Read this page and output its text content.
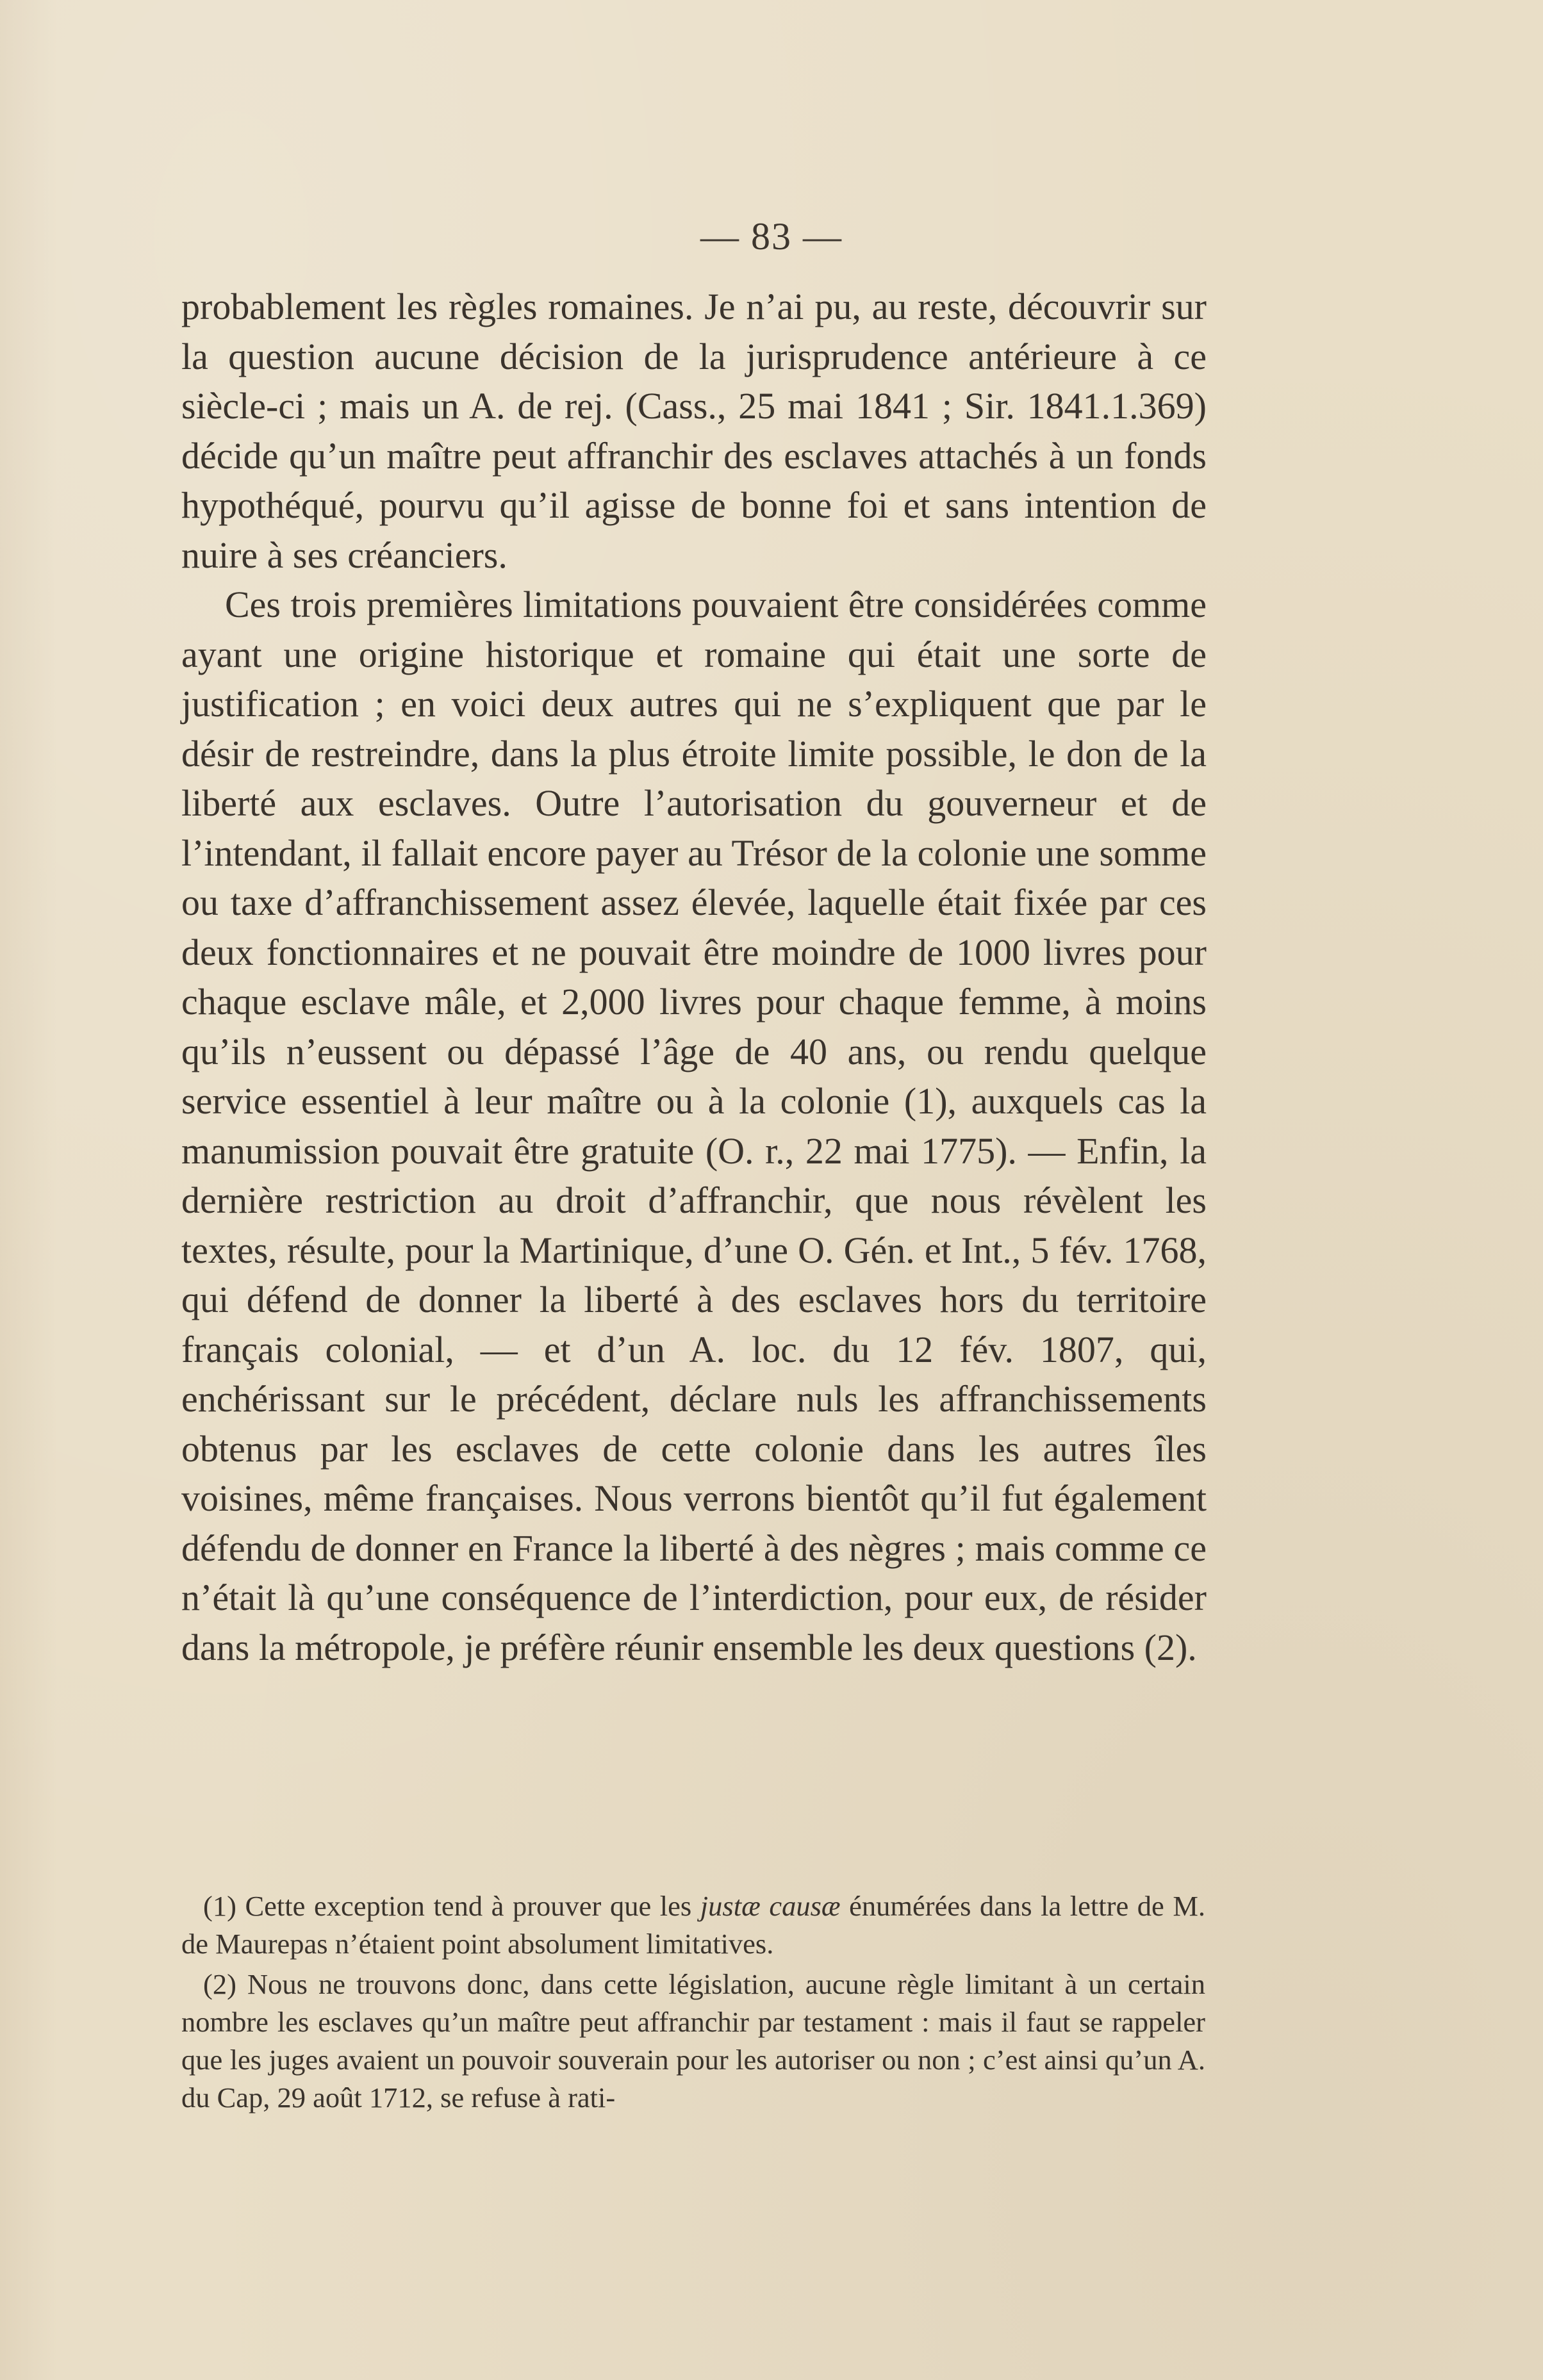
— 83 —

probablement les règles romaines. Je n’ai pu, au reste, découvrir sur la question aucune décision de la jurisprudence antérieure à ce siècle-ci ; mais un A. de rej. (Cass., 25 mai 1841 ; Sir. 1841.1.369) décide qu’un maître peut affranchir des esclaves attachés à un fonds hypothéqué, pourvu qu’il agisse de bonne foi et sans intention de nuire à ses créanciers.

Ces trois premières limitations pouvaient être considérées comme ayant une origine historique et romaine qui était une sorte de justification ; en voici deux autres qui ne s’expliquent que par le désir de restreindre, dans la plus étroite limite possible, le don de la liberté aux esclaves. Outre l’autorisation du gouverneur et de l’intendant, il fallait encore payer au Trésor de la colonie une somme ou taxe d’affranchissement assez élevée, laquelle était fixée par ces deux fonctionnaires et ne pouvait être moindre de 1000 livres pour chaque esclave mâle, et 2,000 livres pour chaque femme, à moins qu’ils n’eussent ou dépassé l’âge de 40 ans, ou rendu quelque service essentiel à leur maître ou à la colonie (1), auxquels cas la manumission pouvait être gratuite (O. r., 22 mai 1775). — Enfin, la dernière restriction au droit d’affranchir, que nous révèlent les textes, résulte, pour la Martinique, d’une O. Gén. et Int., 5 fév. 1768, qui défend de donner la liberté à des esclaves hors du territoire français colonial, — et d’un A. loc. du 12 fév. 1807, qui, enchérissant sur le précédent, déclare nuls les affranchissements obtenus par les esclaves de cette colonie dans les autres îles voisines, même françaises. Nous verrons bientôt qu’il fut également défendu de donner en France la liberté à des nègres ; mais comme ce n’était là qu’une conséquence de l’interdiction, pour eux, de résider dans la métropole, je préfère réunir ensemble les deux questions (2).

(1) Cette exception tend à prouver que les justæ causæ énumérées dans la lettre de M. de Maurepas n’étaient point absolument limitatives.

(2) Nous ne trouvons donc, dans cette législation, aucune règle limitant à un certain nombre les esclaves qu’un maître peut affranchir par testament : mais il faut se rappeler que les juges avaient un pouvoir souverain pour les autoriser ou non ; c’est ainsi qu’un A. du Cap, 29 août 1712, se refuse à rati-
